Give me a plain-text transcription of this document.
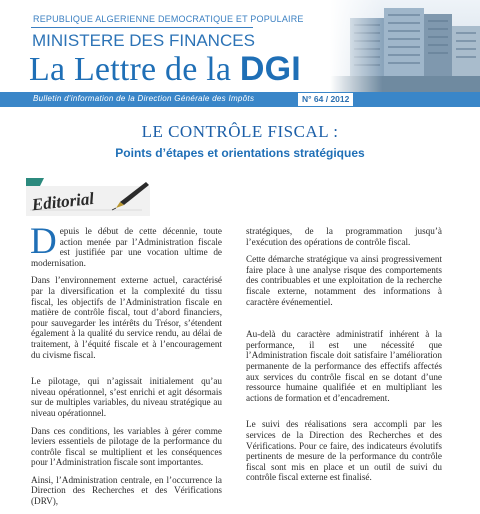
REPUBLIQUE ALGERIENNE DEMOCRATIQUE ET POPULAIRE
MINISTERE DES FINANCES
La Lettre de la DGI
Bulletin d'information de la Direction Générale des Impôts	N° 64 / 2012
LE CONTRÔLE FISCAL :
Points d’étapes et orientations stratégiques
Editorial

Depuis le début de cette décennie, toute action menée par l’Administration fiscale est justifiée par une vocation ultime de modernisation.

Dans l’environnement externe actuel, caractérisé par la diversification et la complexité du tissu fiscal, les objectifs de l’Administration fiscale en matière de contrôle fiscal, tout d’abord financiers, pour sauvegarder les intérêts du Trésor, s’étendent également à la qualité du service rendu, au délai de traitement, à l’équité fiscale et à l’encouragement du civisme fiscal.

Le pilotage, qui n’agissait initialement qu’au niveau opérationnel, s’est enrichi et agit désormais sur de multiples variables, du niveau stratégique au niveau opérationnel.

Dans ces conditions, les variables à gérer comme leviers essentiels de pilotage de la performance du contrôle fiscal se multiplient et les conséquences pour l’Administration fiscale sont importantes.

Ainsi, l’Administration centrale, en l’occurrence la Direction des Recherches et des Vérifications (DRV),

stratégiques, de la programmation jusqu’à l’exécution des opérations de contrôle fiscal.

Cette démarche stratégique va ainsi progressivement faire place à une analyse risque des comportements des contribuables et une exploitation de la recherche fiscale externe, notamment des informations à caractère événementiel.

Au-delà du caractère administratif inhérent à la performance, il est une nécessité que l’Administration fiscale doit satisfaire l’amélioration permanente de la performance des effectifs affectés aux services du contrôle fiscal en se dotant d’une ressource humaine qualifiée et en multipliant les actions de formation et d’encadrement.

Le suivi des réalisations sera accompli par les services de la Direction des Recherches et des Vérifications. Pour ce faire, des indicateurs évolutifs pertinents de mesure de la performance du contrôle fiscal sont mis en place et un outil de suivi du contrôle fiscal externe est finalisé.
